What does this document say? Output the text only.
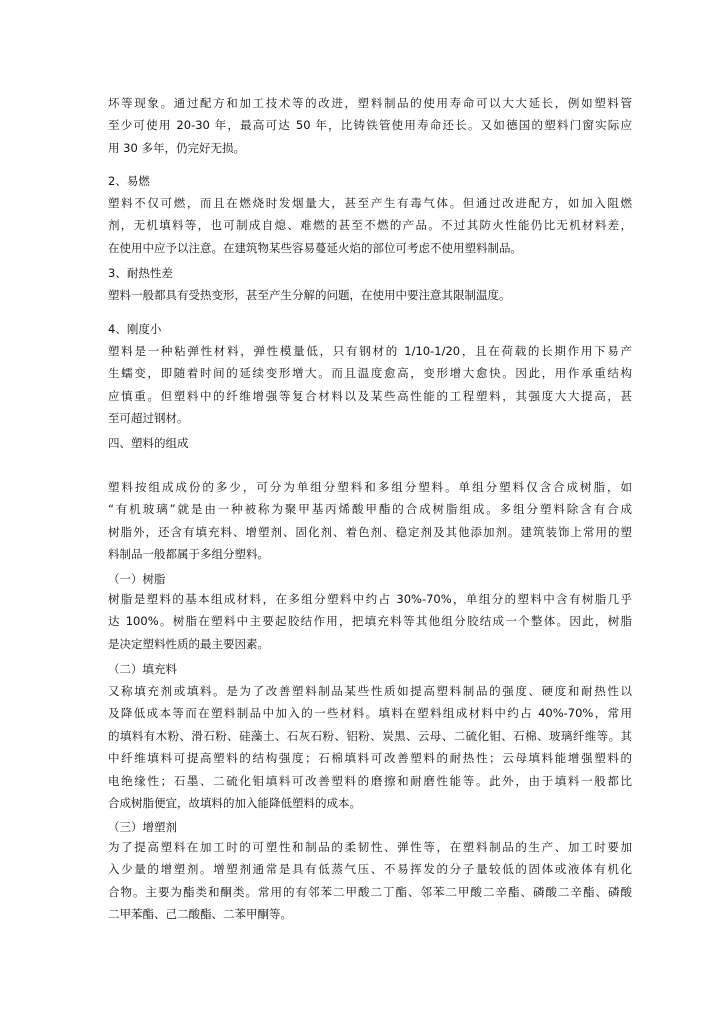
坏等现象。通过配方和加工技术等的改进，塑料制品的使用寿命可以大大延长，例如塑料管
至少可使用 20-30 年，最高可达 50 年，比铸铁管使用寿命还长。又如德国的塑料门窗实际应
用 30 多年，仍完好无损。
2、易燃
塑料不仅可燃，而且在燃烧时发烟量大，甚至产生有毒气体。但通过改进配方，如加入阻燃
剂，无机填料等，也可制成自熄、难燃的甚至不燃的产品。不过其防火性能仍比无机材料差，
在使用中应予以注意。在建筑物某些容易蔓延火焰的部位可考虑不使用塑料制品。
3、耐热性差
塑料一般都具有受热变形，甚至产生分解的问题，在使用中要注意其限制温度。
4、刚度小
塑料是一种粘弹性材料，弹性模量低，只有钢材的 1/10-1/20，且在荷载的长期作用下易产
生蠕变，即随着时间的延续变形增大。而且温度愈高，变形增大愈快。因此，用作承重结构
应慎重。但塑料中的纤维增强等复合材料以及某些高性能的工程塑料，其强度大大提高，甚
至可超过钢材。
四、塑料的组成
塑料按组成成份的多少，可分为单组分塑料和多组分塑料。单组分塑料仅含合成树脂，如
“有机玻璃”就是由一种被称为聚甲基丙烯酸甲酯的合成树脂组成。多组分塑料除含有合成
树脂外，还含有填充料、增塑剂、固化剂、着色剂、稳定剂及其他添加剂。建筑装饰上常用的塑
料制品一般都属于多组分塑料。
（一）树脂
树脂是塑料的基本组成材料，在多组分塑料中约占 30%-70%，单组分的塑料中含有树脂几乎
达 100%。树脂在塑料中主要起胶结作用，把填充料等其他组分胶结成一个整体。因此，树脂
是决定塑料性质的最主要因素。
（二）填充料
又称填充剂或填料。是为了改善塑料制品某些性质如提高塑料制品的强度、硬度和耐热性以
及降低成本等而在塑料制品中加入的一些材料。填料在塑料组成材料中约占 40%-70%，常用
的填料有木粉、滑石粉、硅藻土、石灰石粉、铝粉、炭黑、云母、二硫化钼、石棉、玻璃纤维等。其
中纤维填料可提高塑料的结构强度；石棉填料可改善塑料的耐热性；云母填料能增强塑料的
电绝缘性；石墨、二硫化钼填料可改善塑料的磨擦和耐磨性能等。此外，由于填料一般都比
合成树脂便宜，故填料的加入能降低塑料的成本。
（三）增塑剂
为了提高塑料在加工时的可塑性和制品的柔韧性、弹性等，在塑料制品的生产、加工时要加
入少量的增塑剂。增塑剂通常是具有低蒸气压、不易挥发的分子量较低的固体或液体有机化
合物。主要为酯类和酮类。常用的有邻苯二甲酸二丁酯、邻苯二甲酸二辛酯、磷酸二辛酯、磷酸
二甲苯酯、己二酸酯、二苯甲酮等。
